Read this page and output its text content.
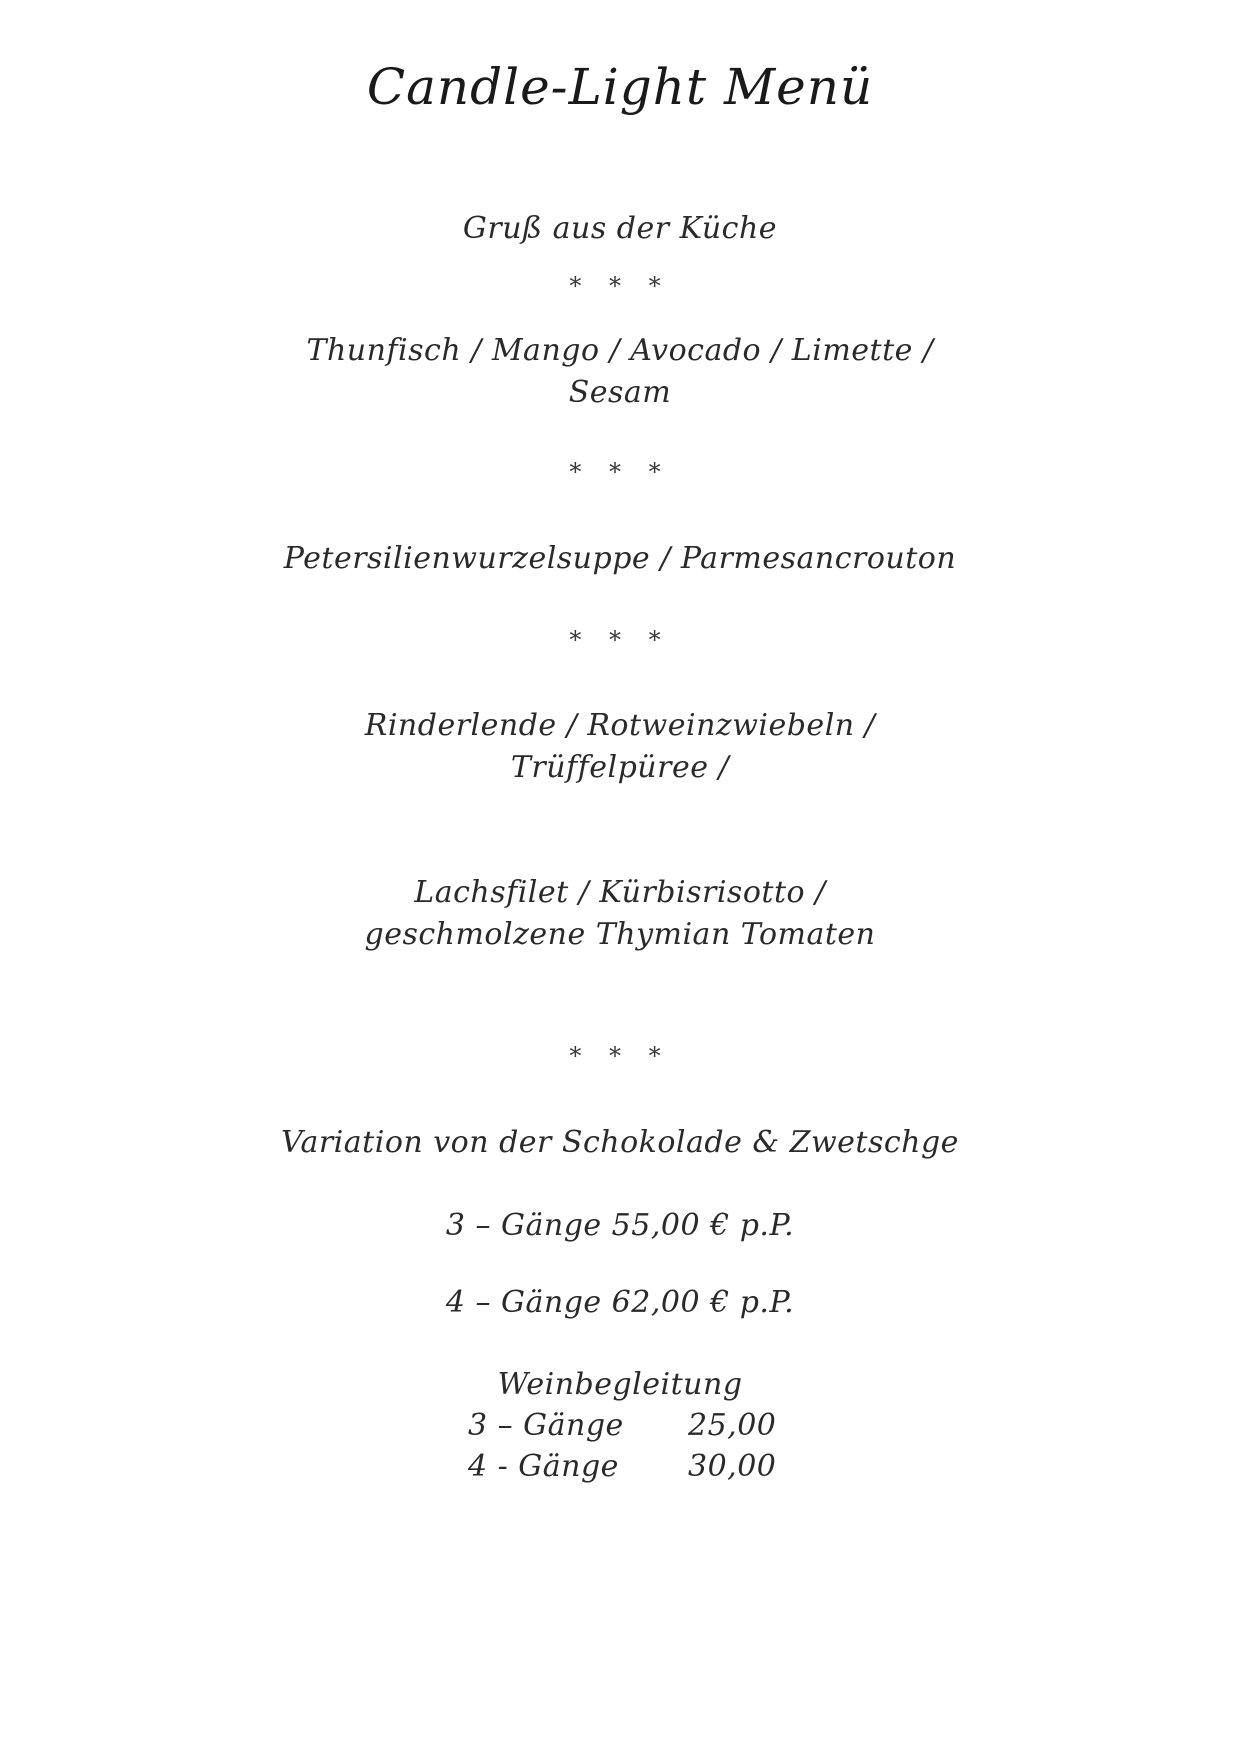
Candle-Light Menü
Gruß aus der Küche
* * *
Thunfisch / Mango / Avocado / Limette /
Sesam
* * *
Petersilienwurzelsuppe / Parmesancrouton
* * *
Rinderlende / Rotweinzwiebeln /
Trüffelpüree /
Lachsfilet / Kürbisrisotto /
geschmolzene Thymian Tomaten
* * *
Variation von der Schokolade & Zwetschge
3 – Gänge 55,00 € p.P.
4 – Gänge 62,00 € p.P.
Weinbegleitung
3 – Gänge	25,00
4 - Gänge	30,00
